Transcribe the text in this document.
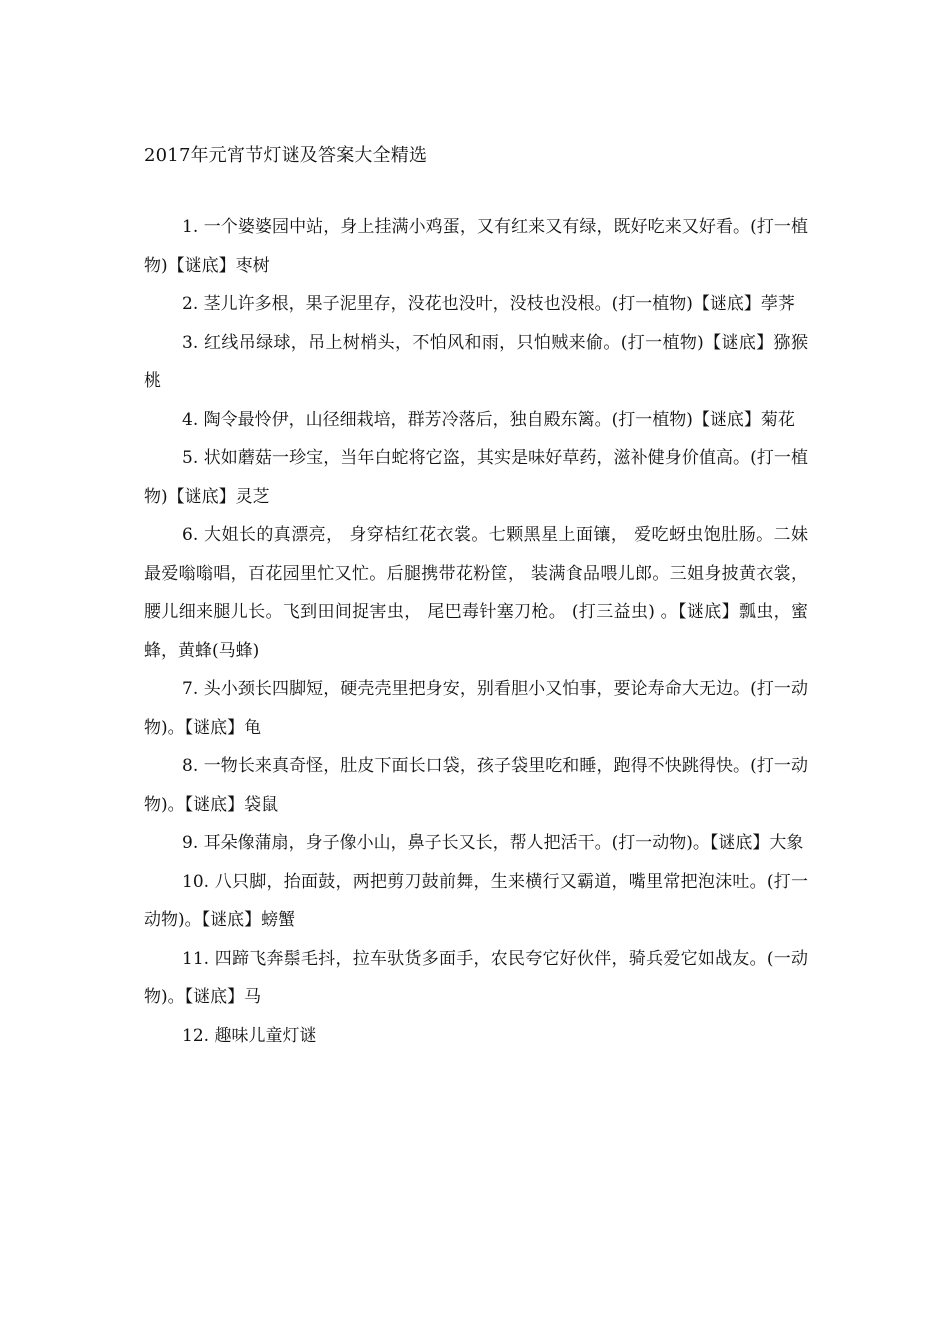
2017年元宵节灯谜及答案大全精选
1. 一个婆婆园中站，身上挂满小鸡蛋，又有红来又有绿，既好吃来又好看。(打一植物)【谜底】枣树
2. 茎儿许多根，果子泥里存，没花也没叶，没枝也没根。(打一植物)【谜底】荸荠
3. 红线吊绿球，吊上树梢头，不怕风和雨，只怕贼来偷。(打一植物)【谜底】猕猴桃
4. 陶令最怜伊，山径细栽培，群芳冷落后，独自殿东篱。(打一植物)【谜底】菊花
5. 状如蘑菇一珍宝，当年白蛇将它盗，其实是味好草药，滋补健身价值高。(打一植物)【谜底】灵芝
6. 大姐长的真漂亮， 身穿桔红花衣裳。七颗黑星上面镶， 爱吃蚜虫饱肚肠。二妹最爱嗡嗡唱，百花园里忙又忙。后腿携带花粉筐， 装满食品喂儿郎。三姐身披黄衣裳， 腰儿细来腿儿长。飞到田间捉害虫， 尾巴毒针塞刀枪。 (打三益虫) 。【谜底】瓢虫，蜜蜂，黄蜂(马蜂)
7. 头小颈长四脚短，硬壳壳里把身安，别看胆小又怕事，要论寿命大无边。(打一动物)。【谜底】龟
8. 一物长来真奇怪，肚皮下面长口袋，孩子袋里吃和睡，跑得不快跳得快。(打一动物)。【谜底】袋鼠
9. 耳朵像蒲扇，身子像小山，鼻子长又长，帮人把活干。(打一动物)。【谜底】大象
10. 八只脚，抬面鼓，两把剪刀鼓前舞，生来横行又霸道，嘴里常把泡沫吐。(打一动物)。【谜底】螃蟹
11. 四蹄飞奔鬃毛抖，拉车驮货多面手，农民夸它好伙伴，骑兵爱它如战友。(一动物)。【谜底】马
12. 趣味儿童灯谜
